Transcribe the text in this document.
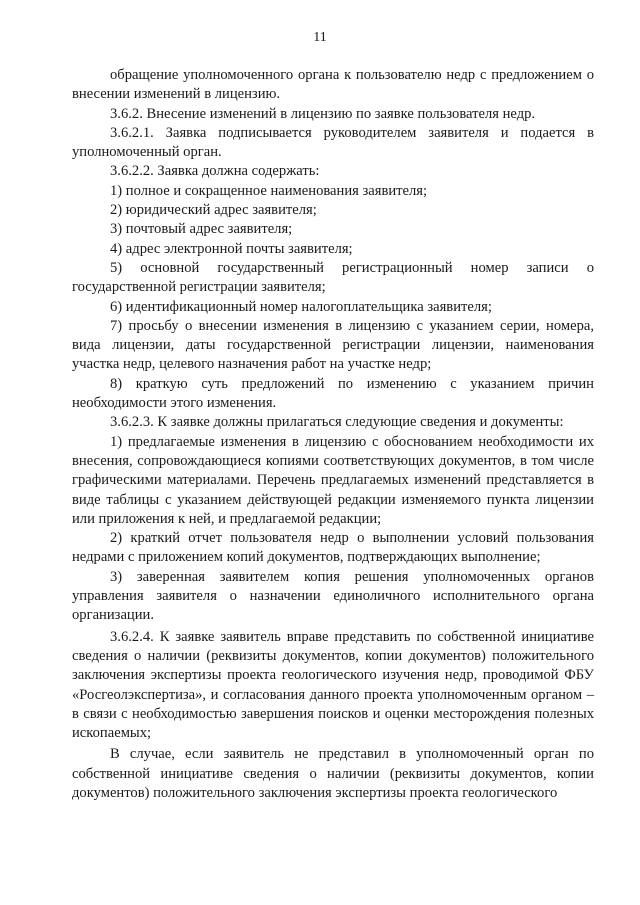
11

обращение уполномоченного органа к пользователю недр с предложением о внесении изменений в лицензию.

3.6.2. Внесение изменений в лицензию по заявке пользователя недр.

3.6.2.1. Заявка подписывается руководителем заявителя и подается в уполномоченный орган.

3.6.2.2. Заявка должна содержать:

1) полное и сокращенное наименования заявителя;

2) юридический адрес заявителя;

3) почтовый адрес заявителя;

4) адрес электронной почты заявителя;

5) основной государственный регистрационный номер записи о государственной регистрации заявителя;

6) идентификационный номер налогоплательщика заявителя;

7) просьбу о внесении изменения в лицензию с указанием серии, номера, вида лицензии, даты государственной регистрации лицензии, наименования участка недр, целевого назначения работ на участке недр;

8) краткую суть предложений по изменению с указанием причин необходимости этого изменения.

3.6.2.3. К заявке должны прилагаться следующие сведения и документы:

1) предлагаемые изменения в лицензию с обоснованием необходимости их внесения, сопровождающиеся копиями соответствующих документов, в том числе графическими материалами. Перечень предлагаемых изменений представляется в виде таблицы с указанием действующей редакции изменяемого пункта лицензии или приложения к ней, и предлагаемой редакции;

2) краткий отчет пользователя недр о выполнении условий пользования недрами с приложением копий документов, подтверждающих выполнение;

3) заверенная заявителем копия решения уполномоченных органов управления заявителя о назначении единоличного исполнительного органа организации.

3.6.2.4. К заявке заявитель вправе представить по собственной инициативе сведения о наличии (реквизиты документов, копии документов) положительного заключения экспертизы проекта геологического изучения недр, проводимой ФБУ «Росгеолэкспертиза», и согласования данного проекта уполномоченным органом – в связи с необходимостью завершения поисков и оценки месторождения полезных ископаемых;

В случае, если заявитель не представил в уполномоченный орган по собственной инициативе сведения о наличии (реквизиты документов, копии документов) положительного заключения экспертизы проекта геологического
